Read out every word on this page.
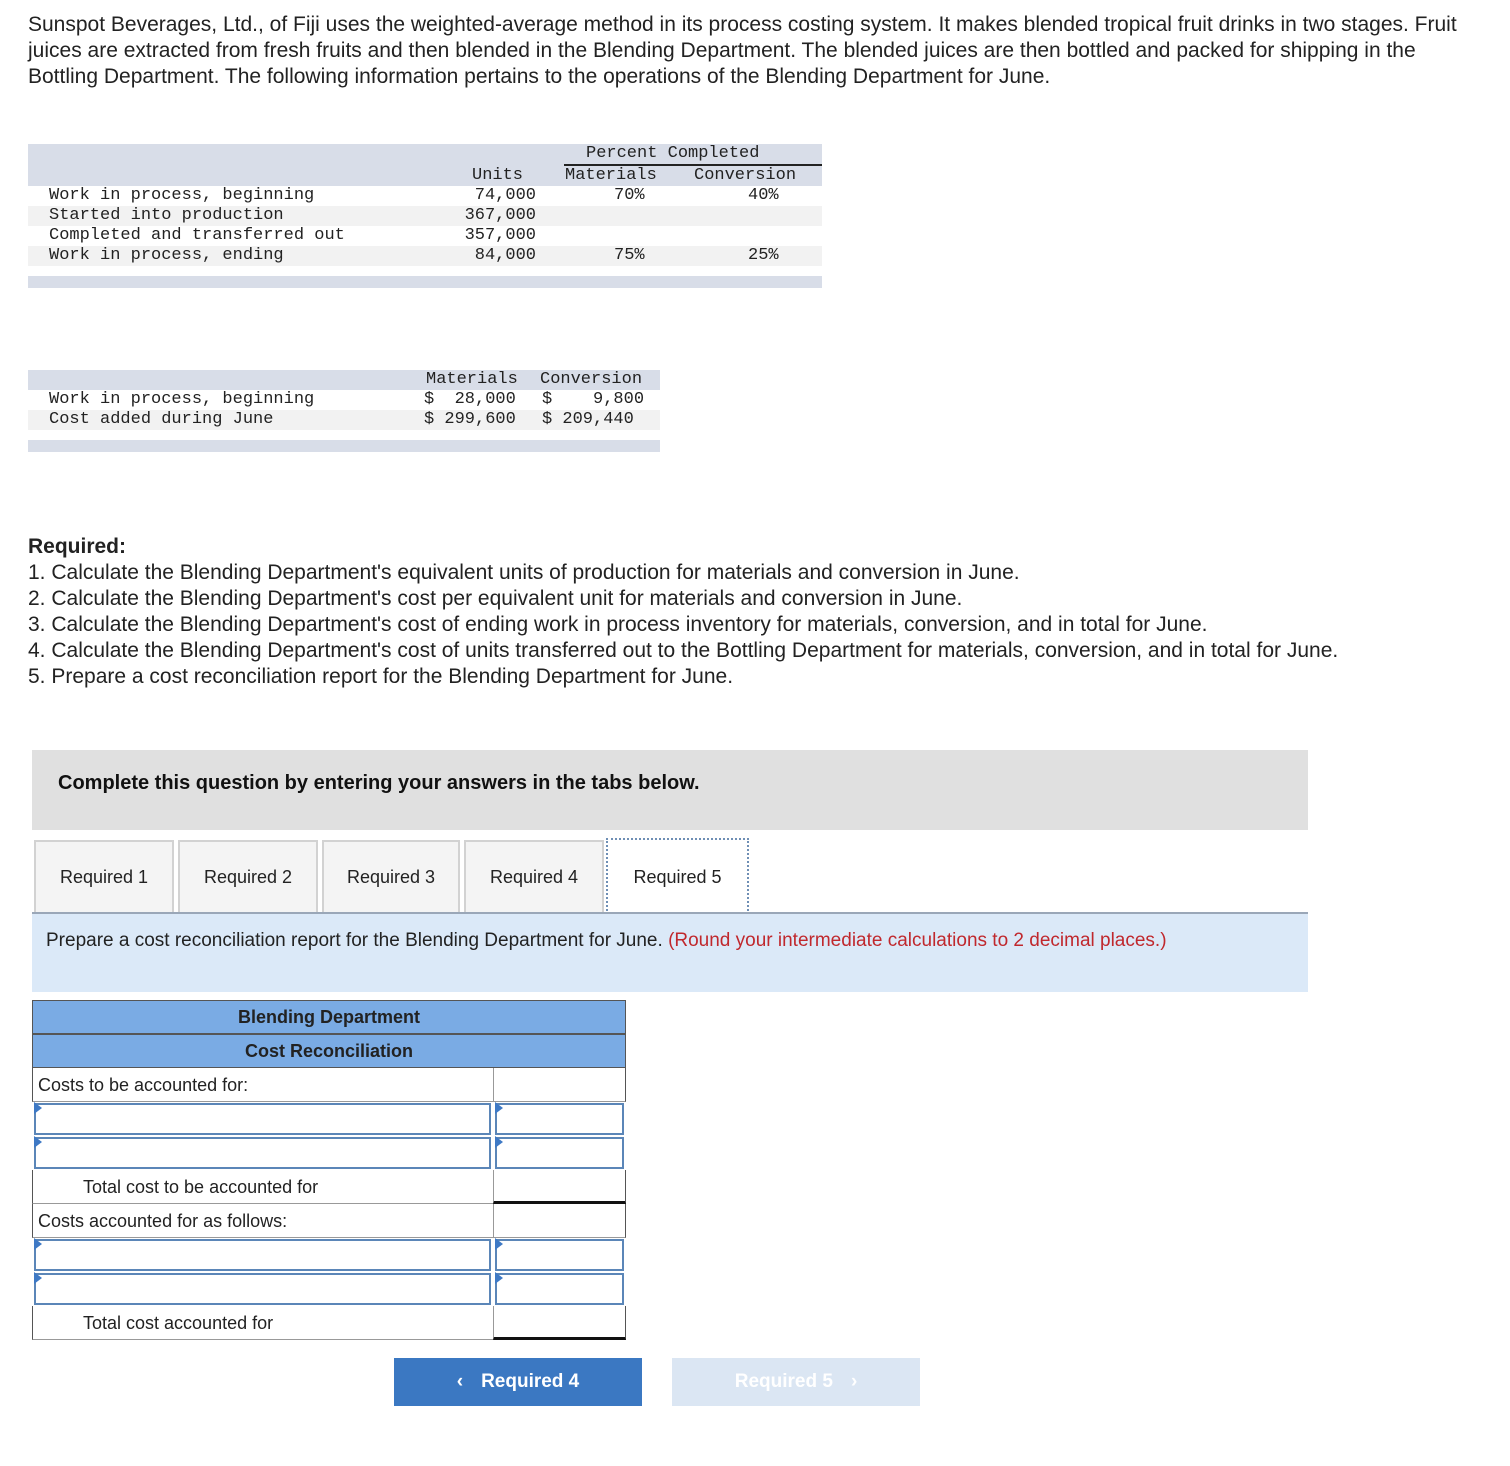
Sunspot Beverages, Ltd., of Fiji uses the weighted-average method in its process costing system. It makes blended tropical fruit drinks in two stages. Fruit juices are extracted from fresh fruits and then blended in the Blending Department. The blended juices are then bottled and packed for shipping in the Bottling Department. The following information pertains to the operations of the Blending Department for June.
Percent Completed
Units Materials Conversion
Work in process, beginning	74,000	70%	40%
Started into production	367,000
Completed and transferred out	357,000
Work in process, ending	84,000	75%	25%
Materials Conversion
Work in process, beginning	$  28,000 $    9,800
Cost added during June	$ 299,600 $ 209,440
Required:
1. Calculate the Blending Department's equivalent units of production for materials and conversion in June.
2. Calculate the Blending Department's cost per equivalent unit for materials and conversion in June.
3. Calculate the Blending Department's cost of ending work in process inventory for materials, conversion, and in total for June.
4. Calculate the Blending Department's cost of units transferred out to the Bottling Department for materials, conversion, and in total for June.
5. Prepare a cost reconciliation report for the Blending Department for June.
Complete this question by entering your answers in the tabs below.
Required 1	Required 2	Required 3	Required 4	Required 5

Prepare a cost reconciliation report for the Blending Department for June. (Round your intermediate calculations to 2 decimal places.)

Blending Department
Cost Reconciliation
Costs to be accounted for:
Total cost to be accounted for
Costs accounted for as follows:
Total cost accounted for
‹ Required 4	Required 5 ›
